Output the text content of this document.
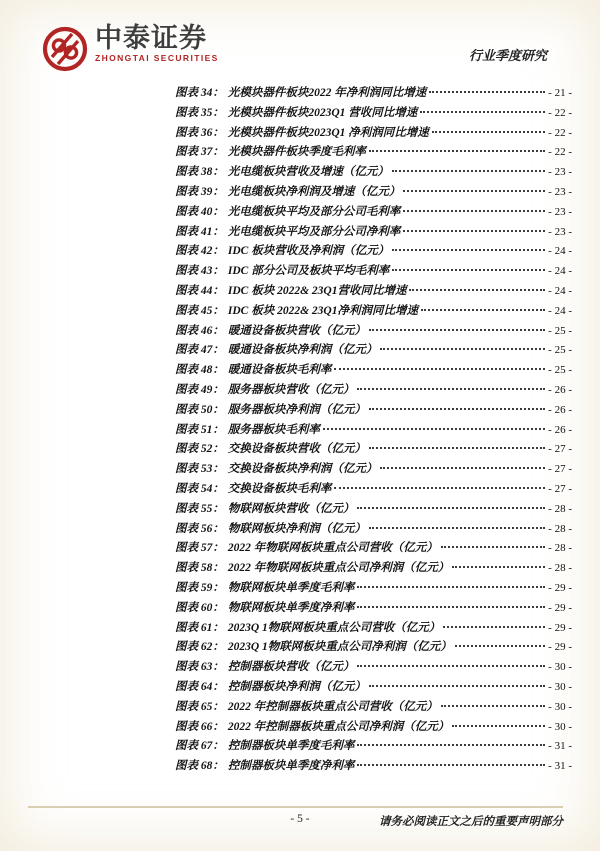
中泰证券
ZHONGTAI SECURITIES	行业季度研究
图表 34： 光模块器件板块2022 年净利润同比增速	- 21 -
图表 35： 光模块器件板块2023Q1 营收同比增速	- 22 -
图表 36： 光模块器件板块2023Q1 净利润同比增速	- 22 -
图表 37： 光模块器件板块季度毛利率	- 22 -
图表 38： 光电缆板块营收及增速（亿元）	- 23 -
图表 39： 光电缆板块净利润及增速（亿元）	- 23 -
图表 40： 光电缆板块平均及部分公司毛利率	- 23 -
图表 41： 光电缆板块平均及部分公司净利率	- 23 -
图表 42： IDC 板块营收及净利润（亿元）	- 24 -
图表 43： IDC 部分公司及板块平均毛利率	- 24 -
图表 44： IDC 板块 2022& 23Q1营收同比增速	- 24 -
图表 45： IDC 板块 2022& 23Q1净利润同比增速	- 24 -
图表 46： 暖通设备板块营收（亿元）	- 25 -
图表 47： 暖通设备板块净利润（亿元）	- 25 -
图表 48： 暖通设备板块毛利率	- 25 -
图表 49： 服务器板块营收（亿元）	- 26 -
图表 50： 服务器板块净利润（亿元）	- 26 -
图表 51： 服务器板块毛利率	- 26 -
图表 52： 交换设备板块营收（亿元）	- 27 -
图表 53： 交换设备板块净利润（亿元）	- 27 -
图表 54： 交换设备板块毛利率	- 27 -
图表 55： 物联网板块营收（亿元）	- 28 -
图表 56： 物联网板块净利润（亿元）	- 28 -
图表 57： 2022 年物联网板块重点公司营收（亿元）	- 28 -
图表 58： 2022 年物联网板块重点公司净利润（亿元）	- 28 -
图表 59： 物联网板块单季度毛利率	- 29 -
图表 60： 物联网板块单季度净利率	- 29 -
图表 61： 2023Q 1物联网板块重点公司营收（亿元）	- 29 -
图表 62： 2023Q 1物联网板块重点公司净利润（亿元）	- 29 -
图表 63： 控制器板块营收（亿元）	- 30 -
图表 64： 控制器板块净利润（亿元）	- 30 -
图表 65： 2022 年控制器板块重点公司营收（亿元）	- 30 -
图表 66： 2022 年控制器板块重点公司净利润（亿元）	- 30 -
图表 67： 控制器板块单季度毛利率	- 31 -
图表 68： 控制器板块单季度净利率	- 31 -
- 5 -	请务必阅读正文之后的重要声明部分
